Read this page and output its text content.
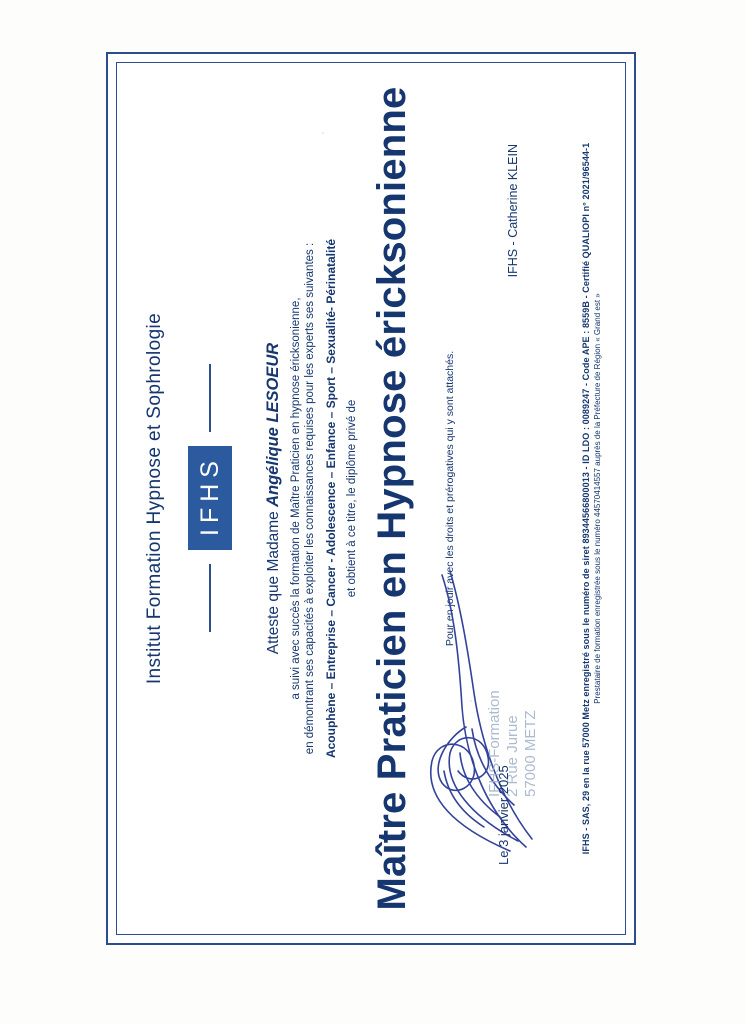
Institut Formation Hypnose et Sophrologie IFHS
Atteste que Madame Angélique LESOEUR a suivi avec succès la formation de Maître Praticien en hypnose éricksonienne, en démontrant ses capacités à exploiter les connaissances requises pour les experts ses suivantes : Acouphène – Entreprise – Cancer - Adolescence – Enfance – Sport – Sexualité- Périnatalité et obtient à ce titre, le diplôme privé de Maître Praticien en Hypnose éricksonienne	Pour en jouir avec les droits et prérogatives qui y sont attachés.
IFHS-Formation 2 Rue Jurue 57000 METZ
Le 3 janvier 2025
IFHS - Catherine KLEIN	IFHS - SAS, 29 en la rue 57000 Metz enregistré sous le numéro de siret 89344566800013 - ID LDO : 0089247 - Code APE : 8559B - Certifié QUALIOPI n° 2021/96544-1 Prestataire de formation enregistrée sous le numéro 44570414557 auprès de la Préfecture de Région « Grand est »
